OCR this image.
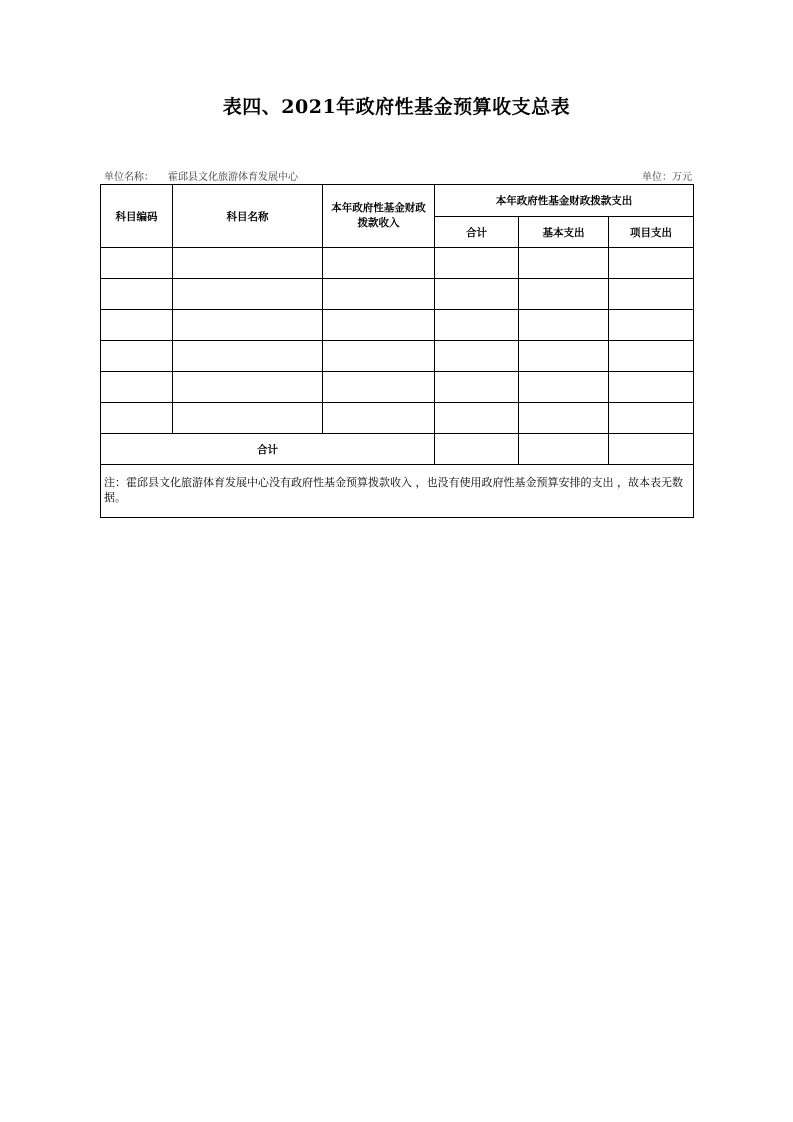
表四、2021年政府性基金预算收支总表
单位名称： 霍邱县文化旅游体育发展中心	单位：万元
科目编码	科目名称	本年政府性基金财政拨款收入	本年政府性基金财政拨款支出		
			合计	基本支出	项目支出

合计					
注：霍邱县文化旅游体育发展中心没有政府性基金预算拨款收入 ，也没有使用政府性基金预算安排的支出 ，故本表无数据。					
